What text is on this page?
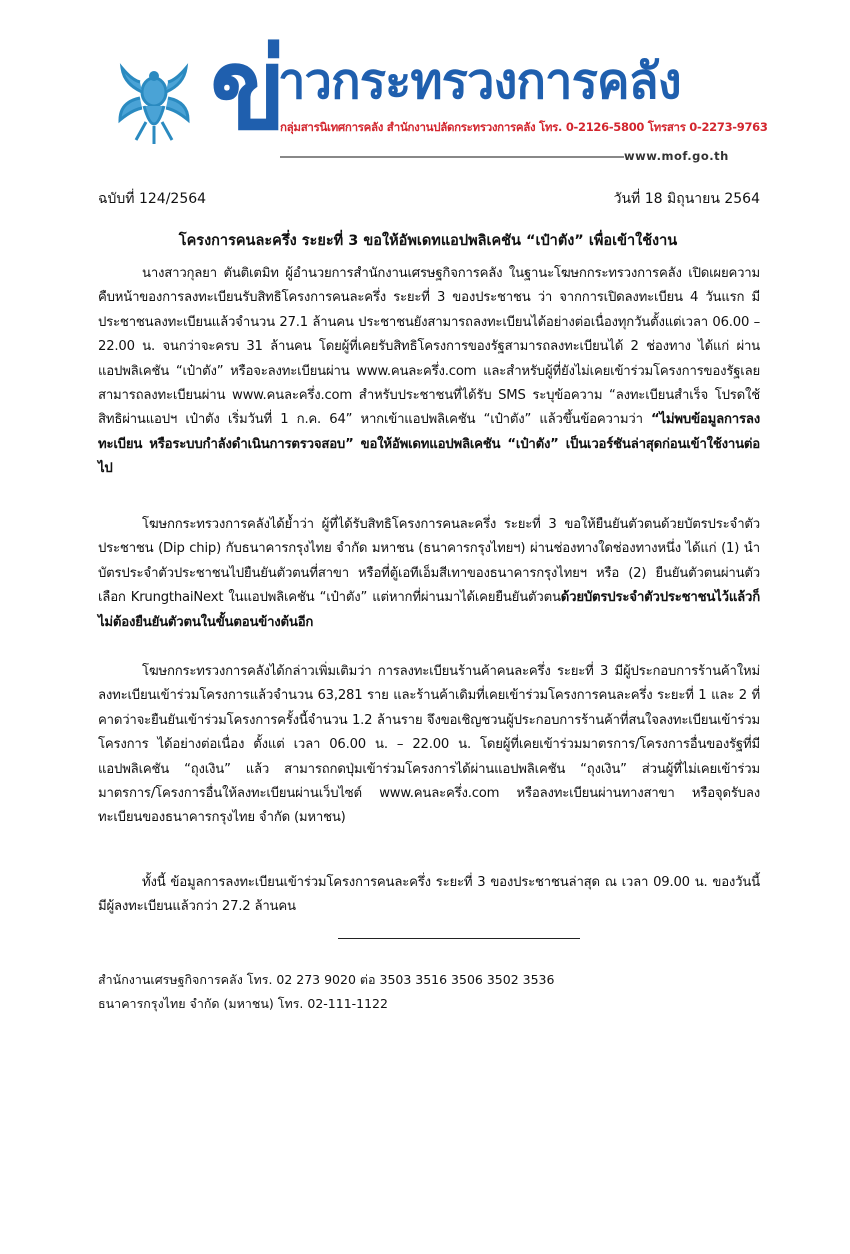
ข่
าวกระทรวงการคลัง
กลุ่มสารนิเทศการคลัง สำนักงานปลัดกระทรวงการคลัง โทร. 0-2126-5800 โทรสาร 0-2273-9763
www.mof.go.th
ฉบับที่ 124/2564	วันที่ 18 มิถุนายน 2564
โครงการคนละครึ่ง ระยะที่ 3 ขอให้อัพเดทแอปพลิเคชัน “เป๋าตัง” เพื่อเข้าใช้งาน

นางสาวกุลยา ตันติเตมิท ผู้อำนวยการสำนักงานเศรษฐกิจการคลัง ในฐานะโฆษกกระทรวงการคลัง เปิดเผยความคืบหน้าของการลงทะเบียนรับสิทธิโครงการคนละครึ่ง ระยะที่ 3 ของประชาชน ว่า จากการเปิดลงทะเบียน 4 วันแรก มีประชาชนลงทะเบียนแล้วจำนวน 27.1 ล้านคน ประชาชนยังสามารถลงทะเบียนได้อย่างต่อเนื่องทุกวันตั้งแต่เวลา 06.00 – 22.00 น. จนกว่าจะครบ 31 ล้านคน โดยผู้ที่เคยรับสิทธิโครงการของรัฐสามารถลงทะเบียนได้ 2 ช่องทาง ได้แก่ ผ่านแอปพลิเคชัน “เป๋าตัง” หรือจะลงทะเบียนผ่าน www.คนละครึ่ง.com และสำหรับผู้ที่ยังไม่เคยเข้าร่วมโครงการของรัฐเลยสามารถลงทะเบียนผ่าน www.คนละครึ่ง.com สำหรับประชาชนที่ได้รับ SMS ระบุข้อความ “ลงทะเบียนสำเร็จ โปรดใช้สิทธิผ่านแอปฯ เป๋าตัง เริ่มวันที่ 1 ก.ค. 64” หากเข้าแอปพลิเคชัน “เป๋าตัง” แล้วขึ้นข้อความว่า “ไม่พบข้อมูลการลงทะเบียน หรือระบบกำลังดำเนินการตรวจสอบ” ขอให้อัพเดทแอปพลิเคชัน “เป๋าตัง” เป็นเวอร์ชันล่าสุดก่อนเข้าใช้งานต่อไป

โฆษกกระทรวงการคลังได้ย้ำว่า ผู้ที่ได้รับสิทธิโครงการคนละครึ่ง ระยะที่ 3 ขอให้ยืนยันตัวตนด้วยบัตรประจำตัวประชาชน (Dip chip) กับธนาคารกรุงไทย จำกัด มหาชน (ธนาคารกรุงไทยฯ) ผ่านช่องทางใดช่องทางหนึ่ง ได้แก่ (1) นำบัตรประจำตัวประชาชนไปยืนยันตัวตนที่สาขา หรือที่ตู้เอทีเอ็มสีเทาของธนาคารกรุงไทยฯ หรือ (2) ยืนยันตัวตนผ่านตัวเลือก KrungthaiNext ในแอปพลิเคชัน “เป๋าตัง” แต่หากที่ผ่านมาได้เคยยืนยันตัวตนด้วยบัตรประจำตัวประชาชนไว้แล้วก็ไม่ต้องยืนยันตัวตนในขั้นตอนข้างต้นอีก

โฆษกกระทรวงการคลังได้กล่าวเพิ่มเติมว่า การลงทะเบียนร้านค้าคนละครึ่ง ระยะที่ 3 มีผู้ประกอบการร้านค้าใหม่ลงทะเบียนเข้าร่วมโครงการแล้วจำนวน 63,281 ราย และร้านค้าเดิมที่เคยเข้าร่วมโครงการคนละครึ่ง ระยะที่ 1 และ 2 ที่คาดว่าจะยืนยันเข้าร่วมโครงการครั้งนี้จำนวน 1.2 ล้านราย จึงขอเชิญชวนผู้ประกอบการร้านค้าที่สนใจลงทะเบียนเข้าร่วมโครงการ ได้อย่างต่อเนื่อง ตั้งแต่ เวลา 06.00 น. – 22.00 น. โดยผู้ที่เคยเข้าร่วมมาตรการ/โครงการอื่นของรัฐที่มีแอปพลิเคชัน “ถุงเงิน” แล้ว สามารถกดปุ่มเข้าร่วมโครงการได้ผ่านแอปพลิเคชัน “ถุงเงิน” ส่วนผู้ที่ไม่เคยเข้าร่วมมาตรการ/โครงการอื่นให้ลงทะเบียนผ่านเว็บไซต์ www.คนละครึ่ง.com หรือลงทะเบียนผ่านทางสาขา หรือจุดรับลงทะเบียนของธนาคารกรุงไทย จำกัด (มหาชน)

ทั้งนี้ ข้อมูลการลงทะเบียนเข้าร่วมโครงการคนละครึ่ง ระยะที่ 3 ของประชาชนล่าสุด ณ เวลา 09.00 น. ของวันนี้ มีผู้ลงทะเบียนแล้วกว่า 27.2 ล้านคน

สำนักงานเศรษฐกิจการคลัง โทร. 02 273 9020 ต่อ 3503 3516 3506 3502 3536
ธนาคารกรุงไทย จำกัด (มหาชน) โทร. 02-111-1122
